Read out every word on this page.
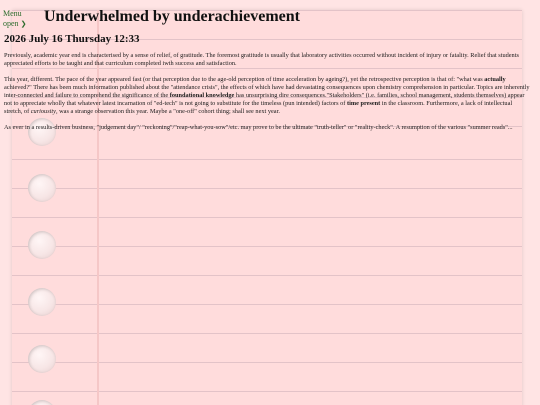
Menu
open ❯ Underwhelmed by underachievement
2026 July 16 Thursday 12:33

Previously, academic year end is characterised by a sense of relief, of gratitude. The foremost gratitude is usually that laboratory activities occurred without incident of injury or fatality. Relief that students appreciated efforts to be taught and that curriculum completed iwth success and satisfaction.

This year, different. The pace of the year appeared fast (or that perception due to the age-old perception of time acceleration by ageing?), yet the retrospective perception is that of: "what was actually achieved?" There has been much information published about the "attendance crisis", the effects of which have had devastating consequences upon chemistry comprehension in particular. Topics are inherently inter-connected and failure to comprehend the significance of the foundational knowledge has unsurprising dire consequences."Stakeholders" (i.e. families, school management, students themselves) appear not to appreciate wholly that whatever latest incarnation of "ed-tech" is not going to substitute for the timeless (pun intended) factors of time present in the classroom. Furthermore, a lack of intellectual stretch, of curiousity, was a strange observation this year. Maybe a "one-off" cohort thing; shall see next year.

As ever in a results-driven business, "judgement day"/ "reckoning"/"reap-what-you-sow"/etc. may prove to be the ultimate "truth-teller" or "reality-check". A resumption of the various "summer reads"...
